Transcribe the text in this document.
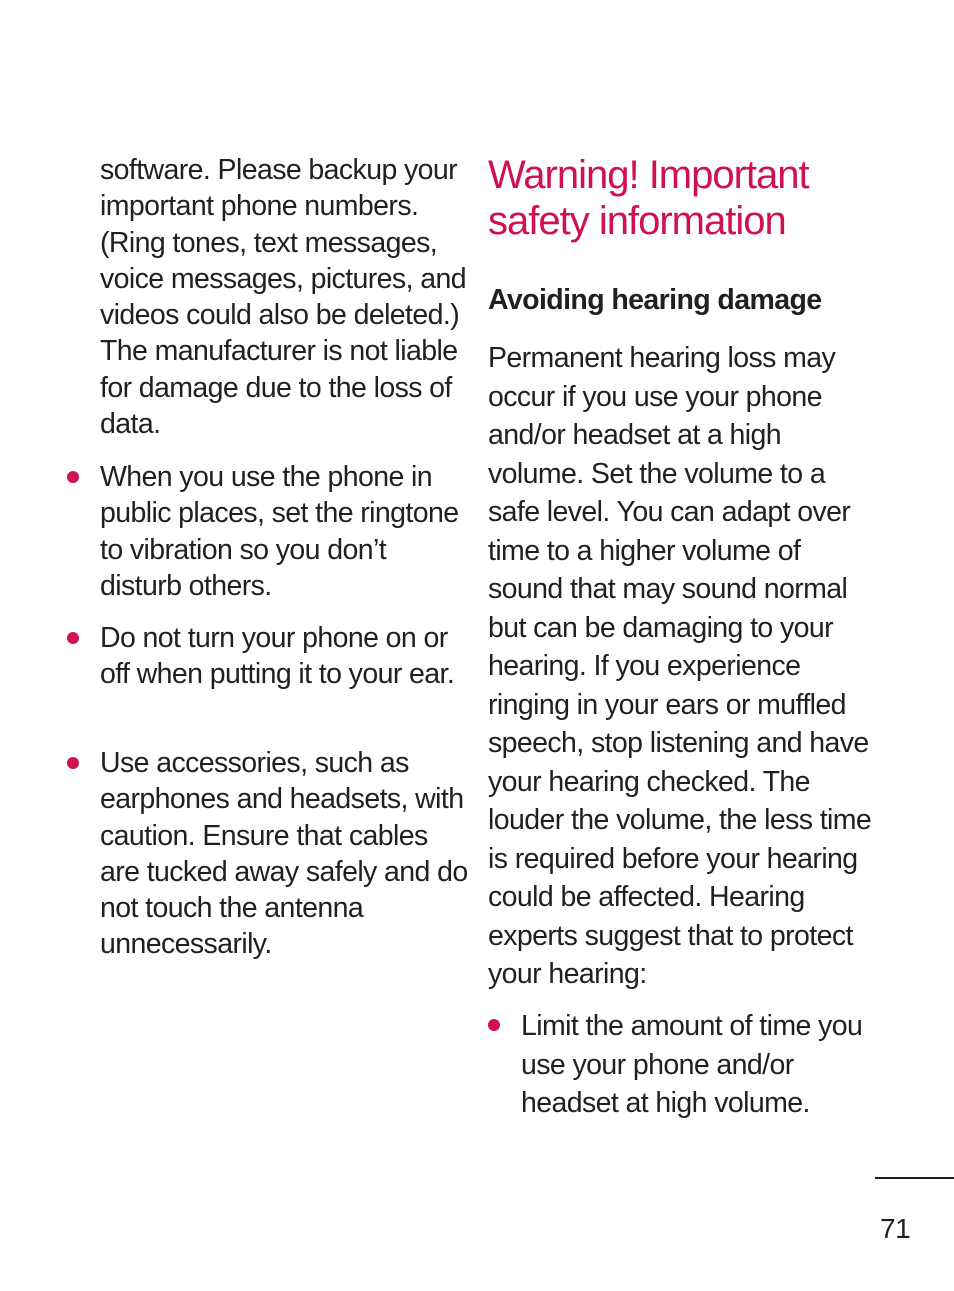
software. Please backup your important phone numbers. (Ring tones, text messages, voice messages, pictures, and videos could also be deleted.) The manufacturer is not liable for damage due to the loss of data.

When you use the phone in public places, set the ringtone to vibration so you don’t disturb others.

Do not turn your phone on or off when putting it to your ear.

Use accessories, such as earphones and headsets, with caution. Ensure that cables are tucked away safely and do not touch the antenna unnecessarily.

Warning! Important safety information
Avoiding hearing damage

Permanent hearing loss may occur if you use your phone and/or headset at a high volume. Set the volume to a safe level. You can adapt over time to a higher volume of sound that may sound normal but can be damaging to your hearing. If you experience ringing in your ears or muffled speech, stop listening and have your hearing checked. The louder the volume, the less time is required before your hearing could be affected. Hearing experts suggest that to protect your hearing:

Limit the amount of time you use your phone and/or headset at high volume.

71
